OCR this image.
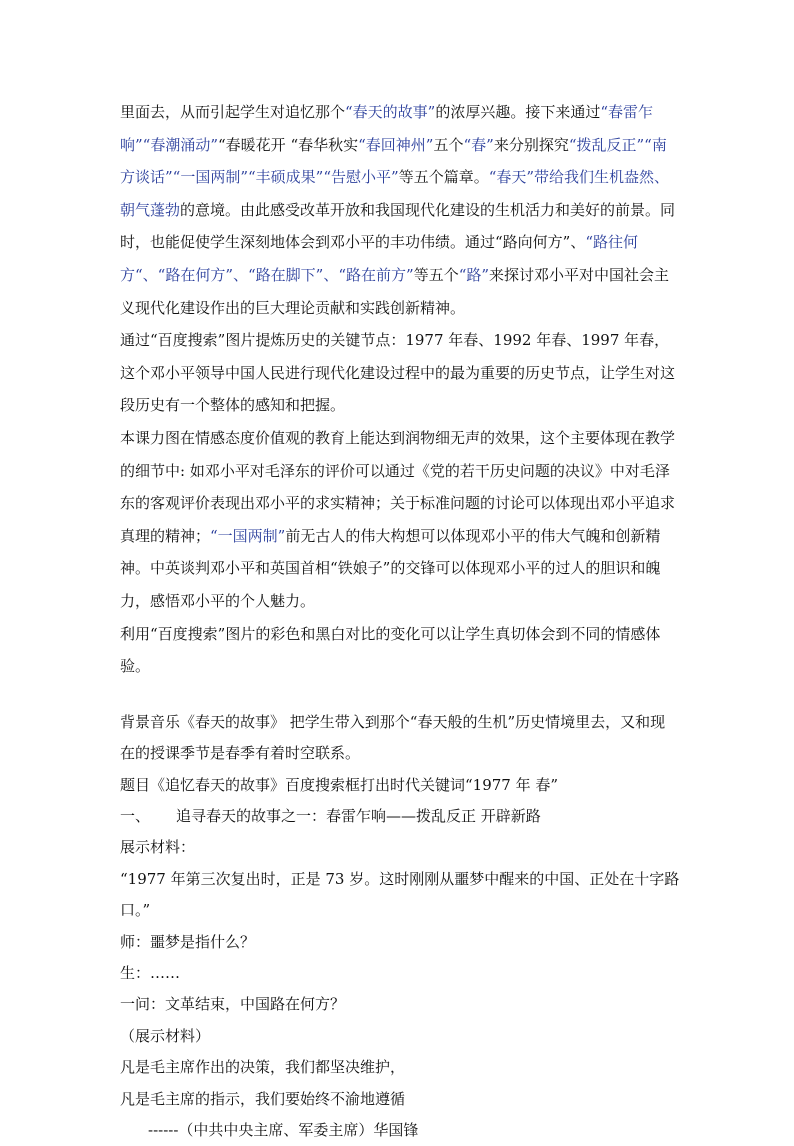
里面去，从而引起学生对追忆那个“春天的故事”的浓厚兴趣。接下来通过“春雷乍响”“春潮涌动”“春暖花开 “春华秋实“春回神州”五个“春”来分别探究“拨乱反正”“南方谈话”“一国两制”“丰硕成果”“告慰小平”等五个篇章。“春天”带给我们生机盎然、朝气蓬勃的意境。由此感受改革开放和我国现代化建设的生机活力和美好的前景。同时，也能促使学生深刻地体会到邓小平的丰功伟绩。通过“路向何方”、“路往何方“、“路在何方”、“路在脚下”、“路在前方”等五个“路”来探讨邓小平对中国社会主义现代化建设作出的巨大理论贡献和实践创新精神。

通过“百度搜索”图片提炼历史的关键节点：1977 年春、1992 年春、1997 年春，这个邓小平领导中国人民进行现代化建设过程中的最为重要的历史节点，让学生对这段历史有一个整体的感知和把握。

本课力图在情感态度价值观的教育上能达到润物细无声的效果，这个主要体现在教学的细节中: 如邓小平对毛泽东的评价可以通过《党的若干历史问题的决议》中对毛泽东的客观评价表现出邓小平的求实精神；关于标准问题的讨论可以体现出邓小平追求真理的精神；“一国两制”前无古人的伟大构想可以体现邓小平的伟大气魄和创新精神。中英谈判邓小平和英国首相“铁娘子”的交锋可以体现邓小平的过人的胆识和魄力，感悟邓小平的个人魅力。

利用“百度搜索”图片的彩色和黑白对比的变化可以让学生真切体会到不同的情感体验。

背景音乐《春天的故事》 把学生带入到那个“春天般的生机”历史情境里去，又和现在的授课季节是春季有着时空联系。

题目《追忆春天的故事》百度搜索框打出时代关键词“1977 年 春”

一、	追寻春天的故事之一：春雷乍响——拨乱反正 开辟新路

展示材料：

“1977 年第三次复出时，正是 73 岁。这时刚刚从噩梦中醒来的中国、正处在十字路口。”

师：噩梦是指什么？

生：……

一问：文革结束，中国路在何方？

（展示材料）

凡是毛主席作出的决策，我们都坚决维护，

凡是毛主席的指示，我们要始终不渝地遵循

------（中共中央主席、军委主席）华国锋
